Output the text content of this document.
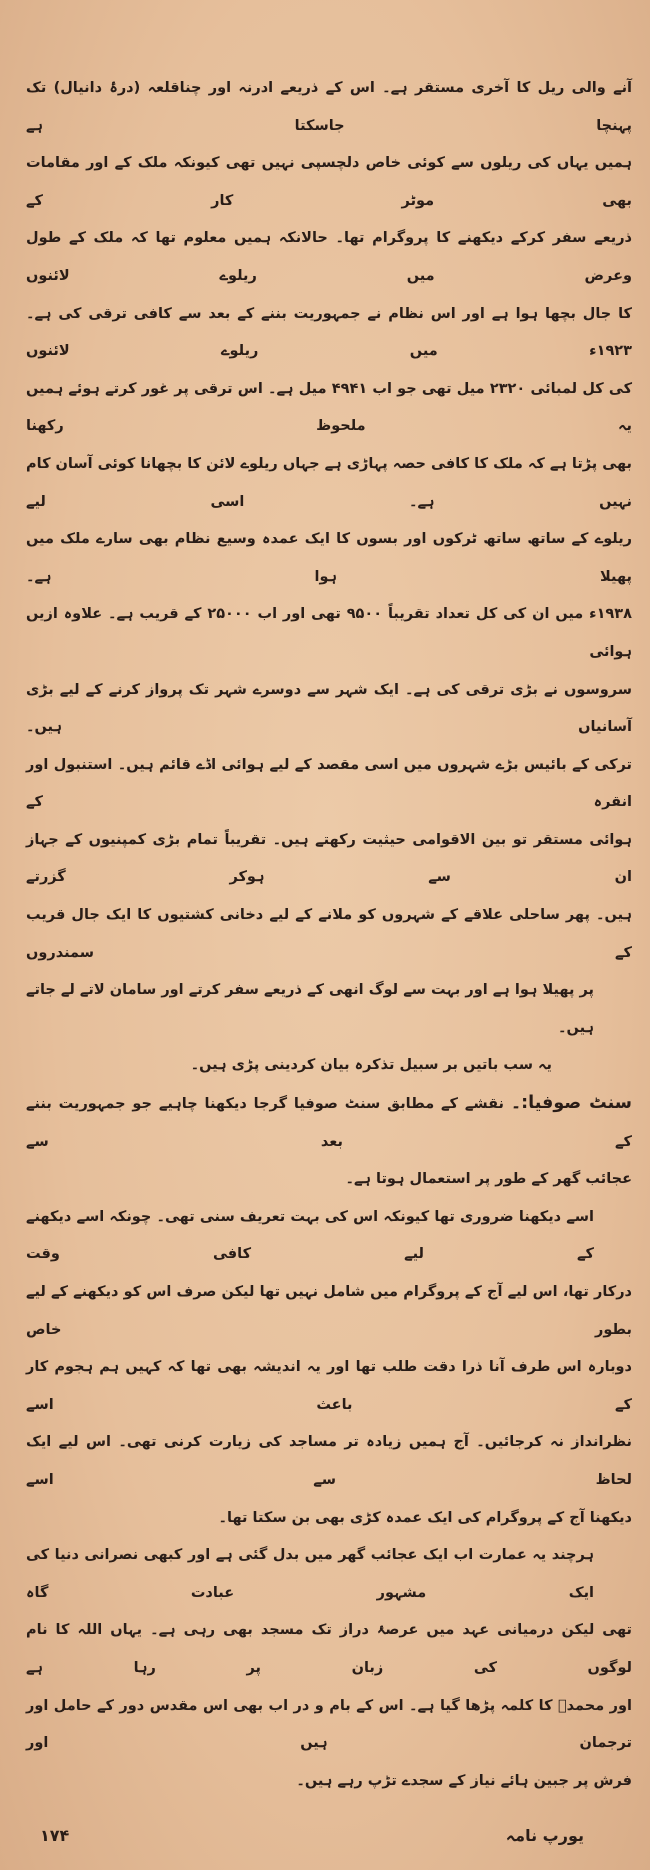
آنے والی ریل کا آخری مستقر ہے۔ اس کے ذریعے ادرنہ اور چناقلعہ (درۂ دانیال) تک پہنچا جاسکتا ہے
ہمیں یہاں کی ریلوں سے کوئی خاص دلچسپی نہیں تھی کیونکہ ملک کے اور مقامات بھی موٹر کار کے
ذریعے سفر کرکے دیکھنے کا پروگرام تھا۔ حالانکہ ہمیں معلوم تھا کہ ملک کے طول وعرض میں ریلوے لائنوں
کا جال بچھا ہوا ہے اور اس نظام نے جمہوریت بننے کے بعد سے کافی ترقی کی ہے۔ ۱۹۲۳ء میں ریلوے لائنوں
کی کل لمبائی ۲۳۲۰ میل تھی جو اب ۴۹۴۱ میل ہے۔ اس ترقی پر غور کرتے ہوئے ہمیں یہ ملحوظ رکھنا
بھی پڑتا ہے کہ ملک کا کافی حصہ پہاڑی ہے جہاں ریلوے لائن کا بچھانا کوئی آسان کام نہیں ہے۔ اسی لیے
ریلوے کے ساتھ ساتھ ٹرکوں اور بسوں کا ایک عمدہ وسیع نظام بھی سارے ملک میں پھیلا ہوا ہے۔
۱۹۳۸ء میں ان کی کل تعداد تقریباً ۹۵۰۰ تھی اور اب ۲۵۰۰۰ کے قریب ہے۔ علاوہ ازیں ہوائی
سروسوں نے بڑی ترقی کی ہے۔ ایک شہر سے دوسرے شہر تک پرواز کرنے کے لیے بڑی آسانیاں ہیں۔
ترکی کے بائیس بڑے شہروں میں اسی مقصد کے لیے ہوائی اڈے قائم ہیں۔ استنبول اور انقرہ کے
ہوائی مستقر تو بین الاقوامی حیثیت رکھتے ہیں۔ تقریباً تمام بڑی کمپنیوں کے جہاز ان سے ہوکر گزرتے
ہیں۔ پھر ساحلی علاقے کے شہروں کو ملانے کے لیے دخانی کشتیوں کا ایک جال قریب کے سمندروں
پر پھیلا ہوا ہے اور بہت سے لوگ انھی کے ذریعے سفر کرتے اور سامان لاتے لے جاتے ہیں۔
یہ سب باتیں بر سبیل تذکرہ بیان کردینی پڑی ہیں۔
سنٹ صوفیا:۔ نقشے کے مطابق سنٹ صوفیا گرجا دیکھنا چاہیے جو جمہوریت بننے کے بعد سے
عجائب گھر کے طور پر استعمال ہوتا ہے۔
اسے دیکھنا ضروری تھا کیونکہ اس کی بہت تعریف سنی تھی۔ چونکہ اسے دیکھنے کے لیے کافی وقت
درکار تھا، اس لیے آج کے پروگرام میں شامل نہیں تھا لیکن صرف اس کو دیکھنے کے لیے بطور خاص
دوبارہ اس طرف آنا ذرا دقت طلب تھا اور یہ اندیشہ بھی تھا کہ کہیں ہم ہجوم کار کے باعث اسے
نظرانداز نہ کرجائیں۔ آج ہمیں زیادہ تر مساجد کی زیارت کرنی تھی۔ اس لیے ایک لحاظ سے اسے
دیکھنا آج کے پروگرام کی ایک عمدہ کڑی بھی بن سکتا تھا۔
ہرچند یہ عمارت اب ایک عجائب گھر میں بدل گئی ہے اور کبھی نصرانی دنیا کی ایک مشہور عبادت گاہ
تھی لیکن درمیانی عہد میں عرصۂ دراز تک مسجد بھی رہی ہے۔ یہاں اللہ کا نام لوگوں کی زبان پر رہا ہے
اور محمدؐ کا کلمہ پڑھا گیا ہے۔ اس کے بام و در اب بھی اس مقدس دور کے حامل اور ترجمان ہیں اور
فرش پر جبین ہائے نیاز کے سجدے تڑپ رہے ہیں۔
۱۷۴	یورپ نامہ
